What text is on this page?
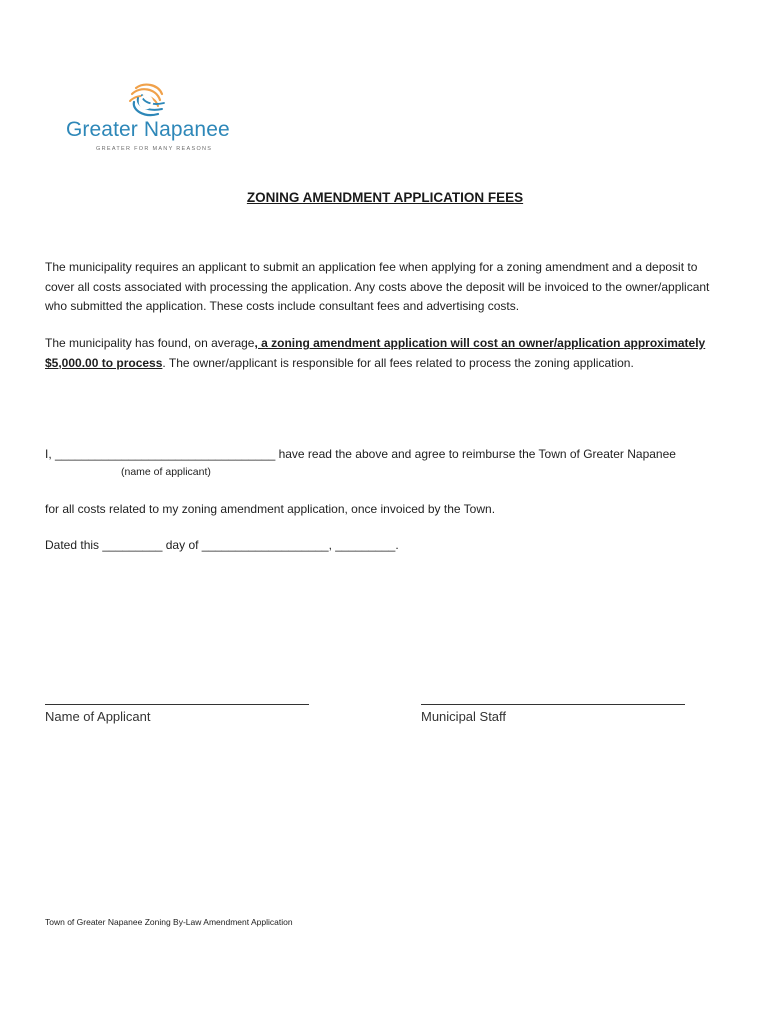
Greater Napanee
GREATER FOR MANY REASONS
ZONING AMENDMENT APPLICATION FEES
The municipality requires an applicant to submit an application fee when applying for a zoning amendment and a deposit to cover all costs associated with processing the application. Any costs above the deposit will be invoiced to the owner/applicant who submitted the application. These costs include consultant fees and advertising costs.
The municipality has found, on average, a zoning amendment application will cost an owner/application approximately $5,000.00 to process. The owner/applicant is responsible for all fees related to process the zoning application.
I, _________________________________ have read the above and agree to reimburse the Town of Greater Napanee
(name of applicant)
for all costs related to my zoning amendment application, once invoiced by the Town.
Dated this _________ day of ___________________, _________.
Name of Applicant	Municipal Staff
Town of Greater Napanee Zoning By-Law Amendment Application
